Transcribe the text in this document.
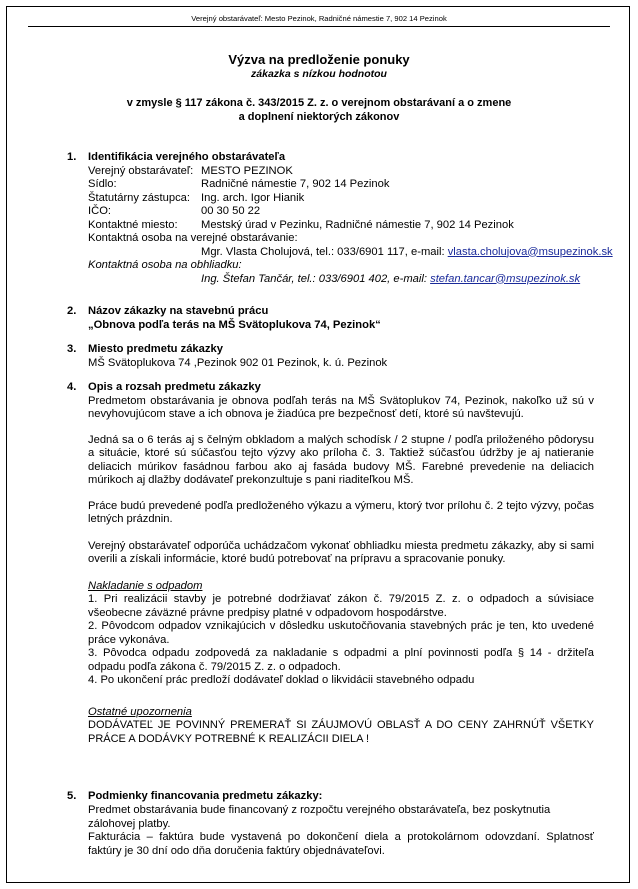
Verejný obstarávateľ: Mesto Pezinok, Radničné námestie 7, 902 14 Pezinok
Výzva na predloženie ponuky
zákazka s nízkou hodnotou
v zmysle § 117 zákona č. 343/2015 Z. z. o verejnom obstarávaní a o zmene
a doplnení niektorých zákonov
1. Identifikácia verejného obstarávateľa
Verejný obstarávateľ: MESTO PEZINOK
Sídlo:	Radničné námestie 7, 902 14 Pezinok
Štatutárny zástupca: Ing. arch. Igor Hianik
IČO:	00 30 50 22
Kontaktné miesto: Mestský úrad v Pezinku, Radničné námestie 7, 902 14 Pezinok
Kontaktná osoba na verejné obstarávanie:
Mgr. Vlasta Cholujová, tel.: 033/6901 117, e-mail: vlasta.cholujova@msupezinok.sk
Kontaktná osoba na obhliadku:
Ing. Štefan Tančár, tel.: 033/6901 402, e-mail: stefan.tancar@msupezinok.sk
2. Názov zákazky na stavebnú prácu
„Obnova podľa terás na MŠ Svätoplukova 74, Pezinok“
3. Miesto predmetu zákazky
MŠ Svätoplukova 74 ,Pezinok 902 01 Pezinok, k. ú. Pezinok
4. Opis a rozsah predmetu zákazky
Predmetom obstarávania je obnova podľah terás na MŠ Svätoplukov 74, Pezinok, nakoľko už sú v nevyhovujúcom stave a ich obnova je žiadúca pre bezpečnosť detí, ktoré sú navštevujú.
Jedná sa o 6 terás aj s čelným obkladom a malých schodísk / 2 stupne / podľa priloženého pôdorysu a situácie, ktoré sú súčasťou tejto výzvy ako príloha č. 3. Taktiež súčasťou údržby je aj natieranie deliacich múrikov fasádnou farbou ako aj fasáda budovy MŠ. Farebné prevedenie na deliacich múrikoch aj dlažby dodávateľ prekonzultuje s pani riaditeľkou MŠ.
Práce budú prevedené podľa predloženého výkazu a výmeru, ktorý tvor prílohu č. 2 tejto výzvy, počas letných prázdnin.
Verejný obstarávateľ odporúča uchádzačom vykonať obhliadku miesta predmetu zákazky, aby si sami overili a získali informácie, ktoré budú potrebovať na prípravu a spracovanie ponuky.
Nakladanie s odpadom
1. Pri realizácii stavby je potrebné dodržiavať zákon č. 79/2015 Z. z. o odpadoch a súvisiace všeobecne záväzné právne predpisy platné v odpadovom hospodárstve.
2. Pôvodcom odpadov vznikajúcich v dôsledku uskutočňovania stavebných prác je ten, kto uvedené práce vykonáva.
3. Pôvodca odpadu zodpovedá za nakladanie s odpadmi a plní povinnosti podľa § 14 - držiteľa odpadu podľa zákona č. 79/2015 Z. z. o odpadoch.
4. Po ukončení prác predloží dodávateľ doklad o likvidácii stavebného odpadu
Ostatné upozornenia
DODÁVATEĽ JE POVINNÝ PREMERAŤ SI ZÁUJMOVÚ OBLASŤ A DO CENY ZAHRNÚŤ VŠETKY PRÁCE A DODÁVKY POTREBNÉ K REALIZÁCII DIELA !
5. Podmienky financovania predmetu zákazky:
Predmet obstarávania bude financovaný z rozpočtu verejného obstarávateľa, bez poskytnutia zálohovej platby.
Fakturácia – faktúra bude vystavená po dokončení diela a protokolárnom odovzdaní. Splatnosť faktúry je 30 dní odo dňa doručenia faktúry objednávateľovi.
